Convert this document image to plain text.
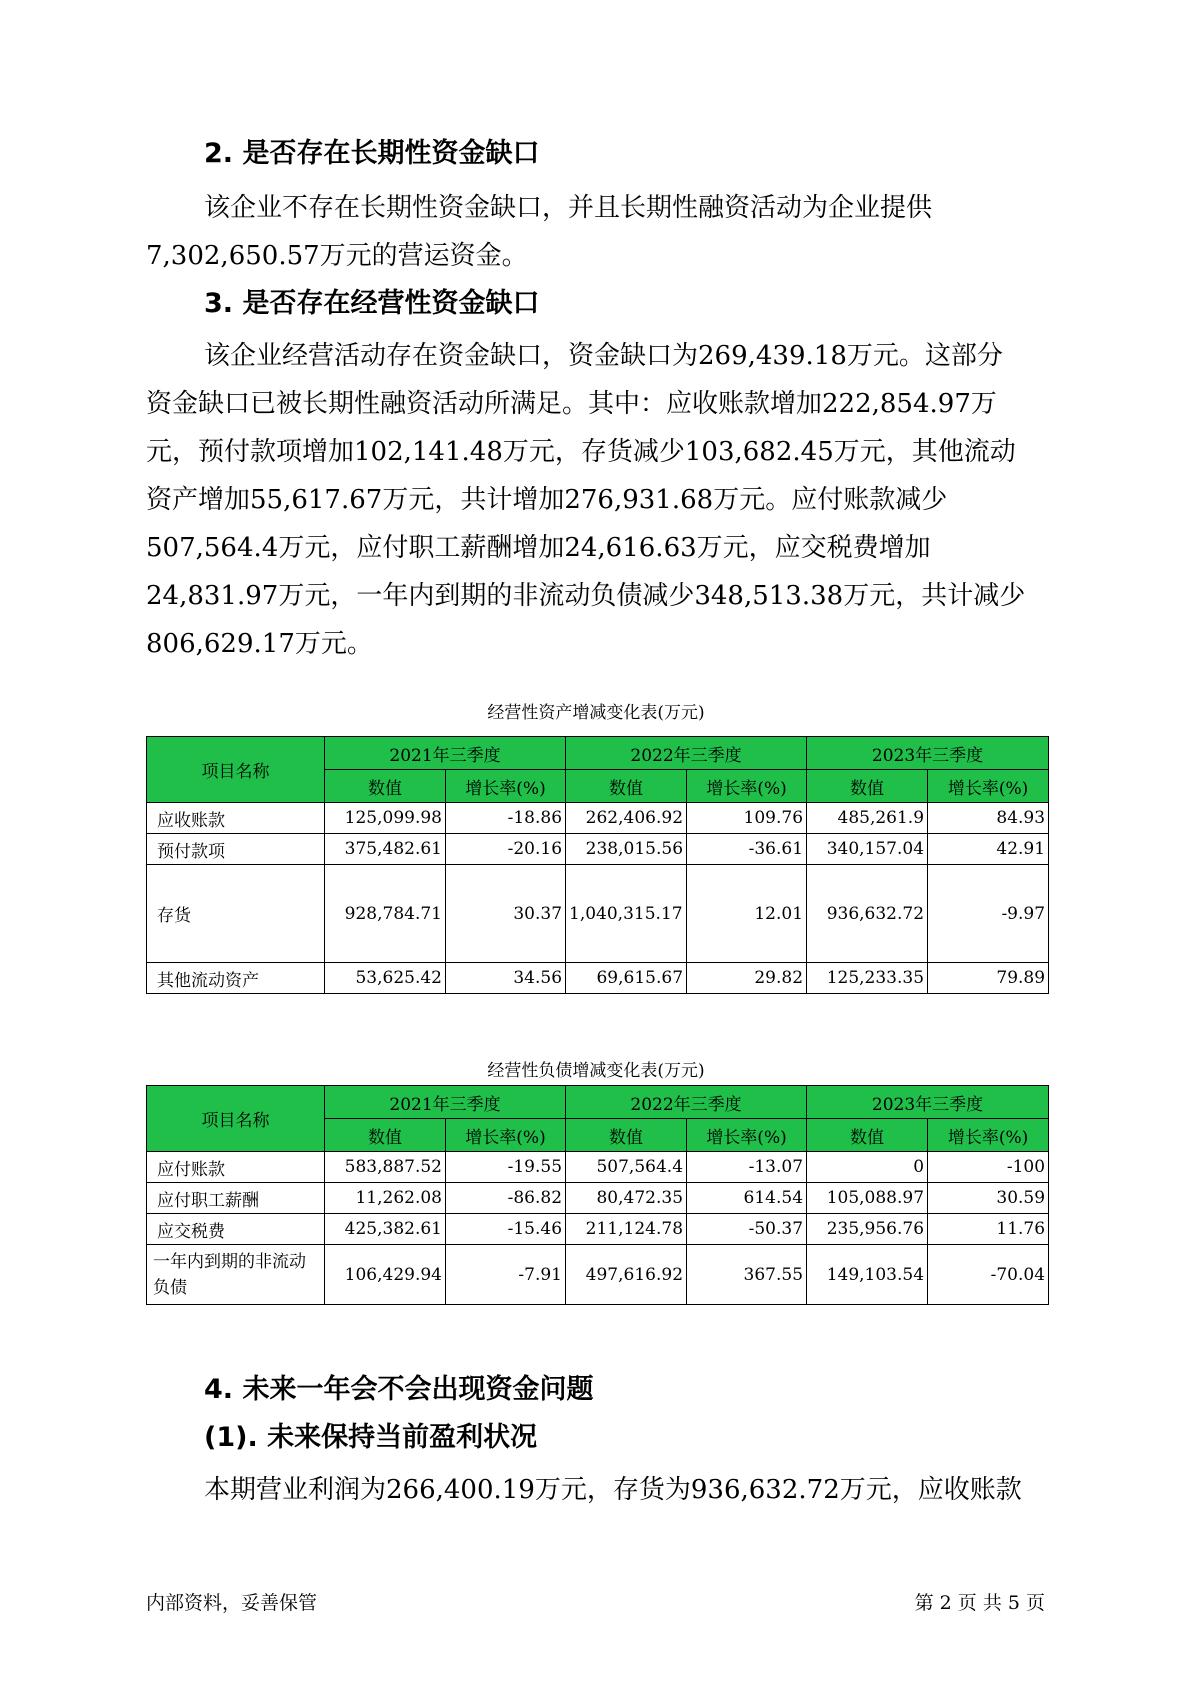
2. 是否存在长期性资金缺口

该企业不存在长期性资金缺口，并且长期性融资活动为企业提供
7,302,650.57万元的营运资金。

3. 是否存在经营性资金缺口

该企业经营活动存在资金缺口，资金缺口为269,439.18万元。这部分
资金缺口已被长期性融资活动所满足。其中：应收账款增加222,854.97万
元，预付款项增加102,141.48万元，存货减少103,682.45万元，其他流动
资产增加55,617.67万元，共计增加276,931.68万元。应付账款减少
507,564.4万元，应付职工薪酬增加24,616.63万元，应交税费增加
24,831.97万元，一年内到期的非流动负债减少348,513.38万元，共计减少
806,629.17万元。

经营性资产增减变化表(万元)
项目名称	2021年三季度		2022年三季度		2023年三季度	
	数值	增长率(%)	数值	增长率(%)	数值	增长率(%)
应收账款	125,099.98	-18.86	262,406.92	109.76	485,261.9	84.93
预付款项	375,482.61	-20.16	238,015.56	-36.61	340,157.04	42.91
存货	928,784.71	30.37	1,040,315.17	12.01	936,632.72	-9.97
其他流动资产	53,625.42	34.56	69,615.67	29.82	125,233.35	79.89
经营性负债增减变化表(万元)
项目名称	2021年三季度		2022年三季度		2023年三季度	
	数值	增长率(%)	数值	增长率(%)	数值	增长率(%)
应付账款	583,887.52	-19.55	507,564.4	-13.07	0	-100
应付职工薪酬	11,262.08	-86.82	80,472.35	614.54	105,088.97	30.59
应交税费	425,382.61	-15.46	211,124.78	-50.37	235,956.76	11.76
一年内到期的非流动负债	106,429.94	-7.91	497,616.92	367.55	149,103.54	-70.04
4. 未来一年会不会出现资金问题
(1). 未来保持当前盈利状况

本期营业利润为266,400.19万元，存货为936,632.72万元，应收账款

内部资料，妥善保管	第 2 页 共 5 页
